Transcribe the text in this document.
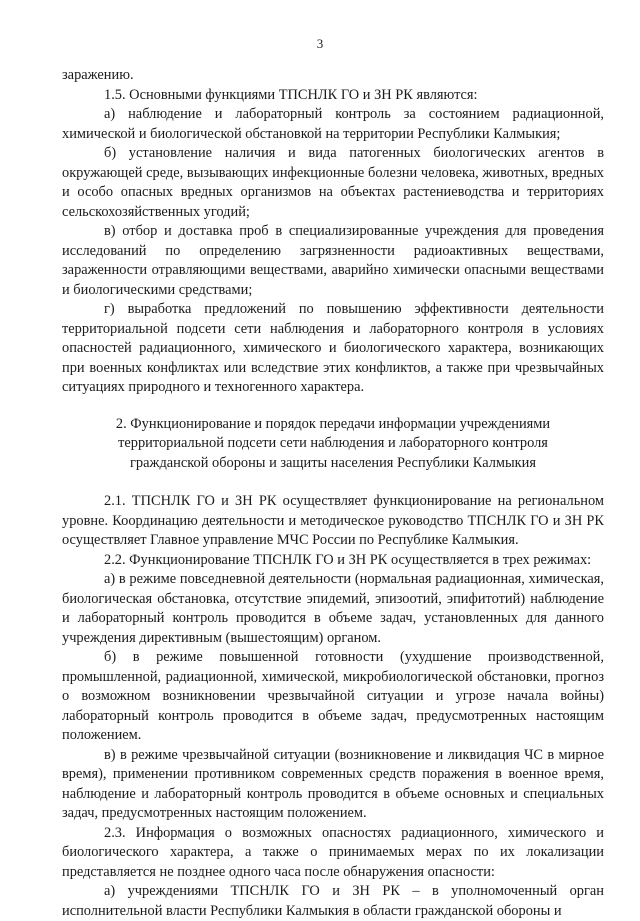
3

заражению.

1.5. Основными функциями ТПСНЛК ГО и ЗН РК являются:

а) наблюдение и лабораторный контроль за состоянием радиационной, химической и биологической обстановкой на территории Республики Калмыкия;

б) установление наличия и вида патогенных биологических агентов в окружающей среде, вызывающих инфекционные болезни человека, животных, вредных и особо опасных вредных организмов на объектах растениеводства и территориях сельскохозяйственных угодий;

в) отбор и доставка проб в специализированные учреждения для проведения исследований по определению загрязненности радиоактивных веществами, зараженности отравляющими веществами, аварийно химически опасными веществами и биологическими средствами;

г) выработка предложений по повышению эффективности деятельности территориальной подсети сети наблюдения и лабораторного контроля в условиях опасностей радиационного, химического и биологического характера, возникающих при военных конфликтах или вследствие этих конфликтов, а также при чрезвычайных ситуациях природного и техногенного характера.

2. Функционирование и порядок передачи информации учреждениями территориальной подсети сети наблюдения и лабораторного контроля гражданской обороны и защиты населения Республики Калмыкия

2.1. ТПСНЛК ГО и ЗН РК осуществляет функционирование на региональном уровне. Координацию деятельности и методическое руководство ТПСНЛК ГО и ЗН РК осуществляет Главное управление МЧС России по Республике Калмыкия.

2.2. Функционирование ТПСНЛК ГО и ЗН РК осуществляется в трех режимах:

а) в режиме повседневной деятельности (нормальная радиационная, химическая, биологическая обстановка, отсутствие эпидемий, эпизоотий, эпифитотий) наблюдение и лабораторный контроль проводится в объеме задач, установленных для данного учреждения директивным (вышестоящим) органом.

б) в режиме повышенной готовности (ухудшение производственной, промышленной, радиационной, химической, микробиологической обстановки, прогноз о возможном возникновении чрезвычайной ситуации и угрозе начала войны) лабораторный контроль проводится в объеме задач, предусмотренных настоящим положением.

в) в режиме чрезвычайной ситуации (возникновение и ликвидация ЧС в мирное время), применении противником современных средств поражения в военное время, наблюдение и лабораторный контроль проводится в объеме основных и специальных задач, предусмотренных настоящим положением.

2.3. Информация о возможных опасностях радиационного, химического и биологического характера, а также о принимаемых мерах по их локализации представляется не позднее одного часа после обнаружения опасности:

а) учреждениями ТПСНЛК ГО и ЗН РК – в уполномоченный орган исполнительной власти Республики Калмыкия в области гражданской обороны и
